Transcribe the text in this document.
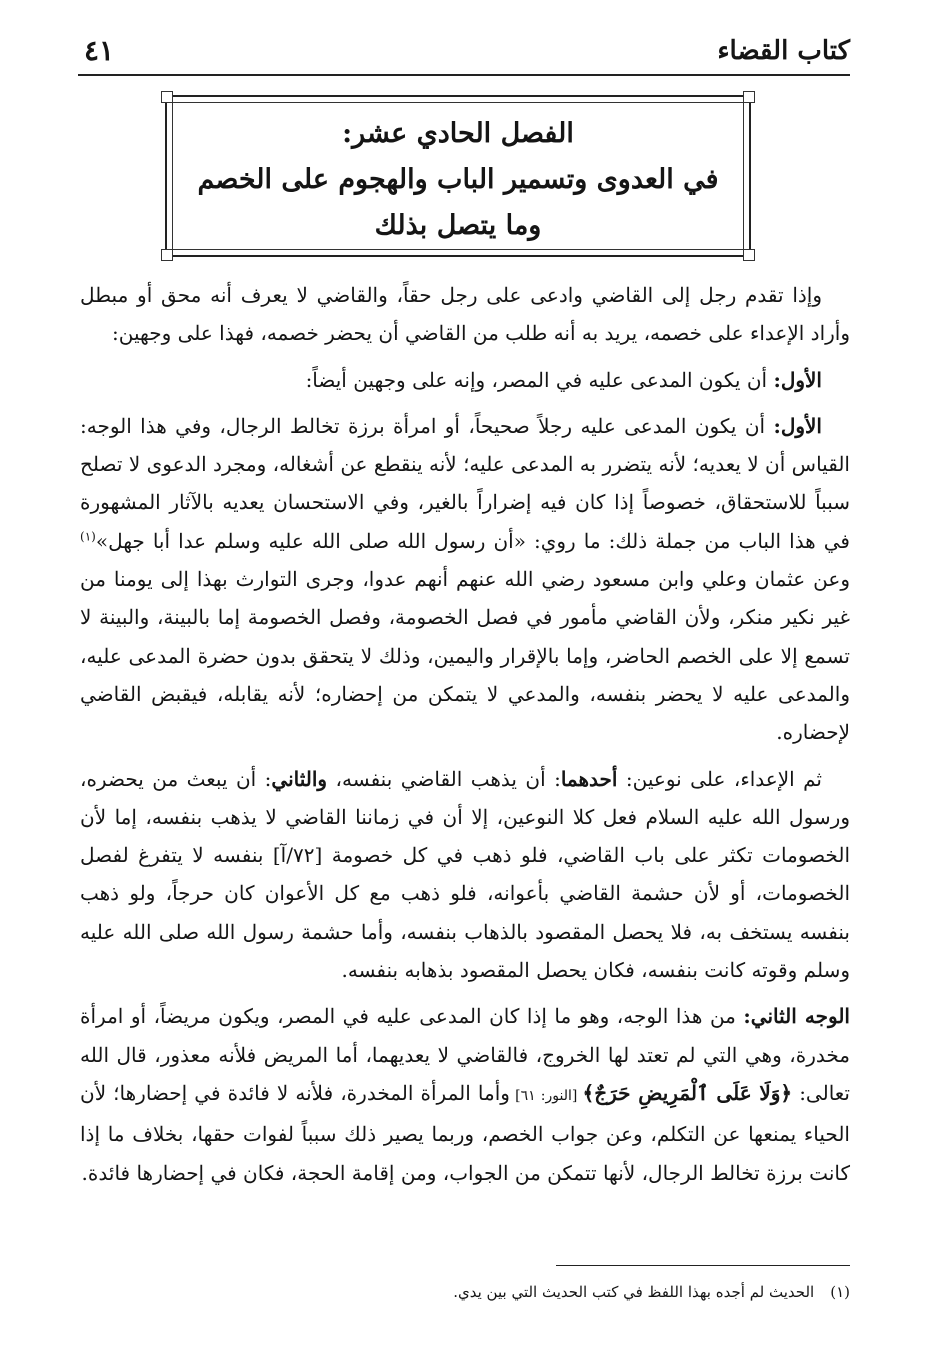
كتاب القضاء
٤١
الفصل الحادي عشر:
في العدوى وتسمير الباب والهجوم على الخصم
وما يتصل بذلك

وإذا تقدم رجل إلى القاضي وادعى على رجل حقاً، والقاضي لا يعرف أنه محق أو مبطل وأراد الإعداء على خصمه، يريد به أنه طلب من القاضي أن يحضر خصمه، فهذا على وجهين:

الأول: أن يكون المدعى عليه في المصر، وإنه على وجهين أيضاً:

الأول: أن يكون المدعى عليه رجلاً صحيحاً، أو امرأة برزة تخالط الرجال، وفي هذا الوجه: القياس أن لا يعديه؛ لأنه يتضرر به المدعى عليه؛ لأنه ينقطع عن أشغاله، ومجرد الدعوى لا تصلح سبباً للاستحقاق، خصوصاً إذا كان فيه إضراراً بالغير، وفي الاستحسان يعديه بالآثار المشهورة في هذا الباب من جملة ذلك: ما روي: «أن رسول الله صلى الله عليه وسلم عدا أبا جهل»$^{(١)}$ وعن عثمان وعلي وابن مسعود رضي الله عنهم أنهم عدوا، وجرى التوارث بهذا إلى يومنا من غير نكير منكر، ولأن القاضي مأمور في فصل الخصومة، وفصل الخصومة إما بالبينة، والبينة لا تسمع إلا على الخصم الحاضر، وإما بالإقرار واليمين، وذلك لا يتحقق بدون حضرة المدعى عليه، والمدعى عليه لا يحضر بنفسه، والمدعي لا يتمكن من إحضاره؛ لأنه يقابله، فيقبض القاضي لإحضاره.

ثم الإعداء، على نوعين: أحدهما: أن يذهب القاضي بنفسه، والثاني: أن يبعث من يحضره، ورسول الله عليه السلام فعل كلا النوعين، إلا أن في زماننا القاضي لا يذهب بنفسه، إما لأن الخصومات تكثر على باب القاضي، فلو ذهب في كل خصومة [٧٢/آ] بنفسه لا يتفرغ لفصل الخصومات، أو لأن حشمة القاضي بأعوانه، فلو ذهب مع كل الأعوان كان حرجاً، ولو ذهب بنفسه يستخف به، فلا يحصل المقصود بالذهاب بنفسه، وأما حشمة رسول الله صلى الله عليه وسلم وقوته كانت بنفسه، فكان يحصل المقصود بذهابه بنفسه.

الوجه الثاني: من هذا الوجه، وهو ما إذا كان المدعى عليه في المصر، ويكون مريضاً، أو امرأة مخدرة، وهي التي لم تعتد لها الخروج، فالقاضي لا يعديهما، أما المريض فلأنه معذور، قال الله تعالى: ﴿وَلَا عَلَى ٱلْمَرِيضِ حَرَجٌ﴾ [النور: ٦١] وأما المرأة المخدرة، فلأنه لا فائدة في إحضارها؛ لأن الحياء يمنعها عن التكلم، وعن جواب الخصم، وربما يصير ذلك سبباً لفوات حقها، بخلاف ما إذا كانت برزة تخالط الرجال، لأنها تتمكن من الجواب، ومن إقامة الحجة، فكان في إحضارها فائدة.

(١)الحديث لم أجده بهذا اللفظ في كتب الحديث التي بين يدي.
